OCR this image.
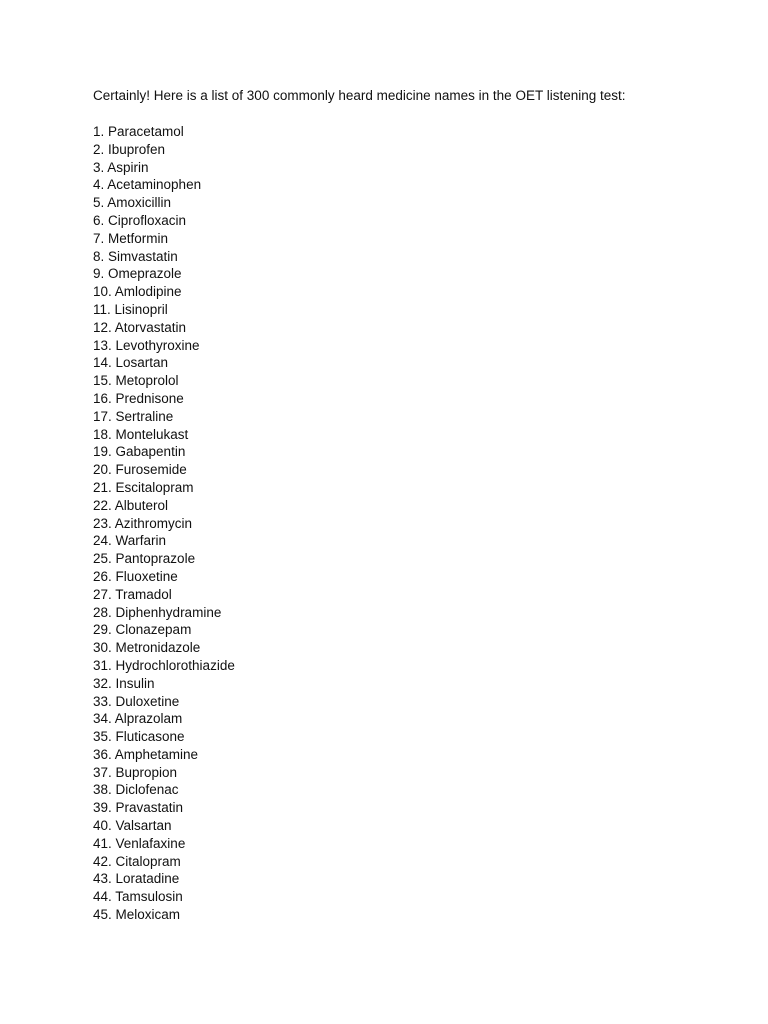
Certainly! Here is a list of 300 commonly heard medicine names in the OET listening test:
1. Paracetamol
2. Ibuprofen
3. Aspirin
4. Acetaminophen
5. Amoxicillin
6. Ciprofloxacin
7. Metformin
8. Simvastatin
9. Omeprazole
10. Amlodipine
11. Lisinopril
12. Atorvastatin
13. Levothyroxine
14. Losartan
15. Metoprolol
16. Prednisone
17. Sertraline
18. Montelukast
19. Gabapentin
20. Furosemide
21. Escitalopram
22. Albuterol
23. Azithromycin
24. Warfarin
25. Pantoprazole
26. Fluoxetine
27. Tramadol
28. Diphenhydramine
29. Clonazepam
30. Metronidazole
31. Hydrochlorothiazide
32. Insulin
33. Duloxetine
34. Alprazolam
35. Fluticasone
36. Amphetamine
37. Bupropion
38. Diclofenac
39. Pravastatin
40. Valsartan
41. Venlafaxine
42. Citalopram
43. Loratadine
44. Tamsulosin
45. Meloxicam
